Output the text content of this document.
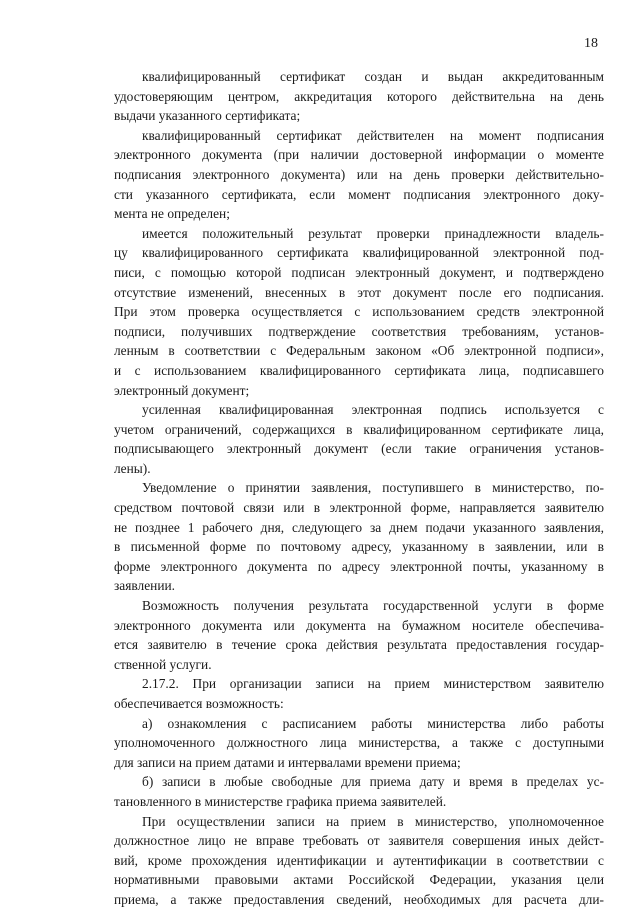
18
квалифицированный сертификат создан и выдан аккредитованным
удостоверяющим центром, аккредитация которого действительна на день
выдачи указанного сертификата;
квалифицированный сертификат действителен на момент подписания
электронного документа (при наличии достоверной информации о моменте
подписания электронного документа) или на день проверки действительно-
сти указанного сертификата, если момент подписания электронного доку-
мента не определен;
имеется положительный результат проверки принадлежности владель-
цу квалифицированного сертификата квалифицированной электронной под-
писи, с помощью которой подписан электронный документ, и подтверждено
отсутствие изменений, внесенных в этот документ после его подписания.
При этом проверка осуществляется с использованием средств электронной
подписи, получивших подтверждение соответствия требованиям, установ-
ленным в соответствии с Федеральным законом «Об электронной подписи»,
и с использованием квалифицированного сертификата лица, подписавшего
электронный документ;
усиленная квалифицированная электронная подпись используется с
учетом ограничений, содержащихся в квалифицированном сертификате лица,
подписывающего электронный документ (если такие ограничения установ-
лены).
Уведомление о принятии заявления, поступившего в министерство, по-
средством почтовой связи или в электронной форме, направляется заявителю
не позднее 1 рабочего дня, следующего за днем подачи указанного заявления,
в письменной форме по почтовому адресу, указанному в заявлении, или в
форме электронного документа по адресу электронной почты, указанному в
заявлении.
Возможность получения результата государственной услуги в форме
электронного документа или документа на бумажном носителе обеспечива-
ется заявителю в течение срока действия результата предоставления государ-
ственной услуги.
2.17.2. При организации записи на прием министерством заявителю
обеспечивается возможность:
а) ознакомления с расписанием работы министерства либо работы
уполномоченного должностного лица министерства, а также с доступными
для записи на прием датами и интервалами времени приема;
б) записи в любые свободные для приема дату и время в пределах ус-
тановленного в министерстве графика приема заявителей.
При осуществлении записи на прием в министерство, уполномоченное
должностное лицо не вправе требовать от заявителя совершения иных дейст-
вий, кроме прохождения идентификации и аутентификации в соответствии с
нормативными правовыми актами Российской Федерации, указания цели
приема, а также предоставления сведений, необходимых для расчета дли-
